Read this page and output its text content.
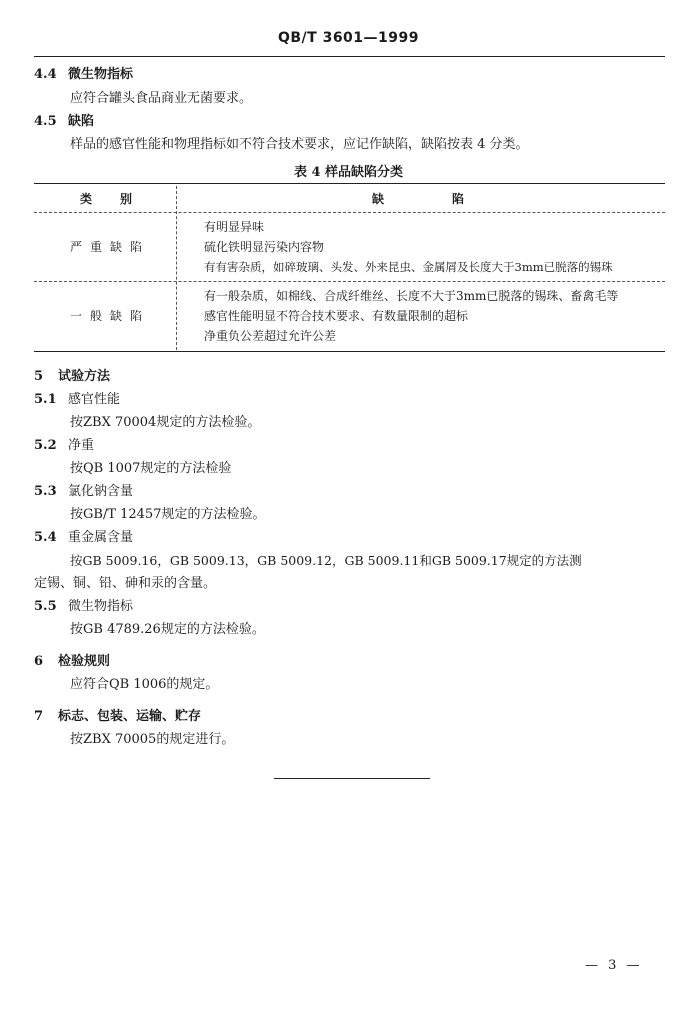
QB/T 3601—1999
4.4 微生物指标
应符合罐头食品商业无菌要求。
4.5 缺陷
样品的感官性能和物理指标如不符合技术要求，应记作缺陷，缺陷按表 4 分类。
表 4 样品缺陷分类
类　别	缺　　　　陷
严重缺陷
有明显异味
硫化铁明显污染内容物
有有害杂质，如碎玻璃、头发、外来昆虫、金属屑及长度大于3mm已脱落的锡珠
一般缺陷
有一般杂质，如棉线、合成纤维丝、长度不大于3mm已脱落的锡珠、畜禽毛等
感官性能明显不符合技术要求、有数量限制的超标
净重负公差超过允许公差
5 试验方法
5.1 感官性能
按ZBX 70004规定的方法检验。
5.2 净重
按QB 1007规定的方法检验
5.3 氯化钠含量
按GB/T 12457规定的方法检验。
5.4 重金属含量
按GB 5009.16，GB 5009.13，GB 5009.12，GB 5009.11和GB 5009.17规定的方法测
定锡、铜、铅、砷和汞的含量。
5.5 微生物指标
按GB 4789.26规定的方法检验。
6 检验规则
应符合QB 1006的规定。
7 标志、包装、运输、贮存
按ZBX 70005的规定进行。
— 3 —
